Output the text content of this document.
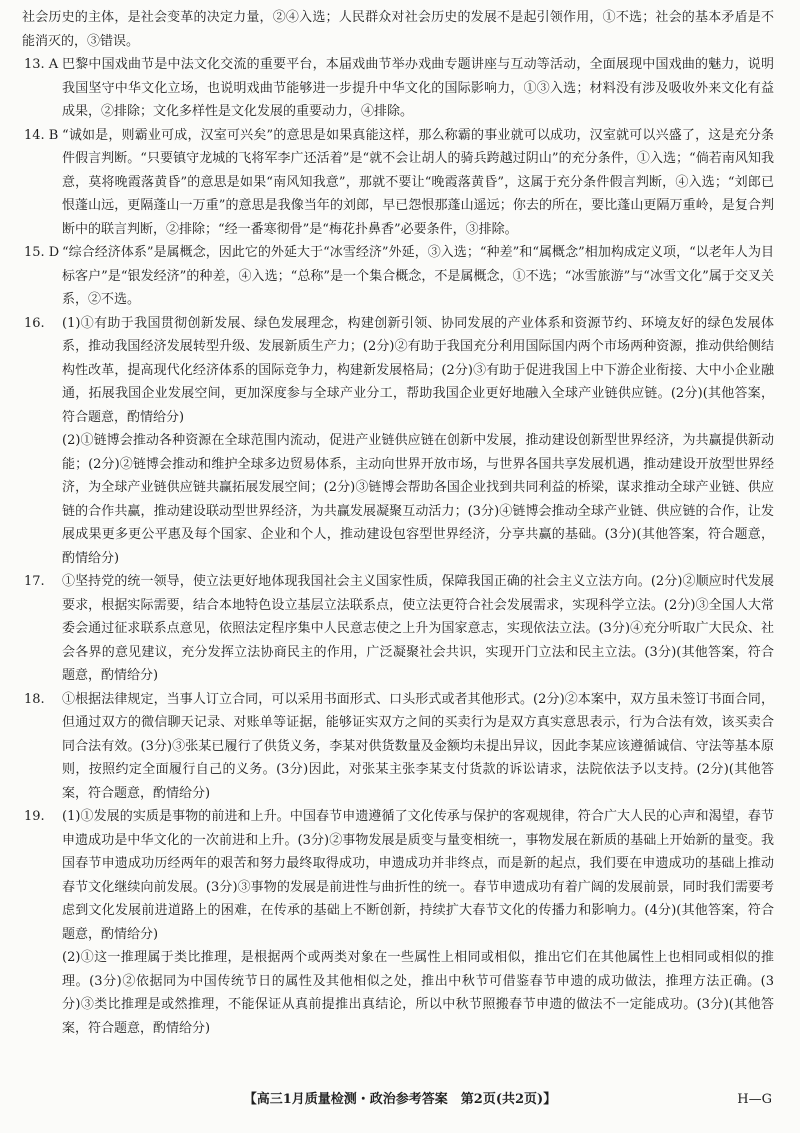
社会历史的主体，是社会变革的决定力量，②④入选；人民群众对社会历史的发展不是起引领作用，①不选；社会的基本矛盾是不能消灭的，③错误。

13. A 巴黎中国戏曲节是中法文化交流的重要平台，本届戏曲节举办戏曲专题讲座与互动等活动，全面展现中国戏曲的魅力，说明我国坚守中华文化立场，也说明戏曲节能够进一步提升中华文化的国际影响力，①③入选；材料没有涉及吸收外来文化有益成果，②排除；文化多样性是文化发展的重要动力，④排除。

14. B “诚如是，则霸业可成，汉室可兴矣”的意思是如果真能这样，那么称霸的事业就可以成功，汉室就可以兴盛了，这是充分条件假言判断。“只要镇守龙城的飞将军李广还活着”是“就不会让胡人的骑兵跨越过阴山”的充分条件，①入选；“倘若南风知我意，莫将晚霞落黄昏”的意思是如果“南风知我意”，那就不要让“晚霞落黄昏”，这属于充分条件假言判断，④入选；“刘郎已恨蓬山远，更隔蓬山一万重”的意思是我像当年的刘郎，早已怨恨那蓬山遥远；你去的所在，要比蓬山更隔万重岭，是复合判断中的联言判断，②排除；“经一番寒彻骨”是“梅花扑鼻香”必要条件，③排除。

15. D “综合经济体系”是属概念，因此它的外延大于“冰雪经济”外延，③入选；“种差”和“属概念”相加构成定义项，“以老年人为目标客户”是“银发经济”的种差，④入选；“总称”是一个集合概念，不是属概念，①不选；“冰雪旅游”与“冰雪文化”属于交叉关系，②不选。

16.	(1)①有助于我国贯彻创新发展、绿色发展理念，构建创新引领、协同发展的产业体系和资源节约、环境友好的绿色发展体系，推动我国经济发展转型升级、发展新质生产力；(2分)②有助于我国充分利用国际国内两个市场两种资源，推动供给侧结构性改革，提高现代化经济体系的国际竞争力，构建新发展格局；(2分)③有助于促进我国上中下游企业衔接、大中小企业融通，拓展我国企业发展空间，更加深度参与全球产业分工，帮助我国企业更好地融入全球产业链供应链。(2分)(其他答案，符合题意，酌情给分)

(2)①链博会推动各种资源在全球范围内流动，促进产业链供应链在创新中发展，推动建设创新型世界经济，为共赢提供新动能；(2分)②链博会推动和维护全球多边贸易体系，主动向世界开放市场，与世界各国共享发展机遇，推动建设开放型世界经济，为全球产业链供应链共赢拓展发展空间；(2分)③链博会帮助各国企业找到共同利益的桥梁，谋求推动全球产业链、供应链的合作共赢，推动建设联动型世界经济，为共赢发展凝聚互动活力；(3分)④链博会推动全球产业链、供应链的合作，让发展成果更多更公平惠及每个国家、企业和个人，推动建设包容型世界经济，分享共赢的基础。(3分)(其他答案，符合题意，酌情给分)

17.	①坚持党的统一领导，使立法更好地体现我国社会主义国家性质，保障我国正确的社会主义立法方向。(2分)②顺应时代发展要求，根据实际需要，结合本地特色设立基层立法联系点，使立法更符合社会发展需求，实现科学立法。(2分)③全国人大常委会通过征求联系点意见，依照法定程序集中人民意志使之上升为国家意志，实现依法立法。(3分)④充分听取广大民众、社会各界的意见建议，充分发挥立法协商民主的作用，广泛凝聚社会共识，实现开门立法和民主立法。(3分)(其他答案，符合题意，酌情给分)

18.	①根据法律规定，当事人订立合同，可以采用书面形式、口头形式或者其他形式。(2分)②本案中，双方虽未签订书面合同，但通过双方的微信聊天记录、对账单等证据，能够证实双方之间的买卖行为是双方真实意思表示，行为合法有效，该买卖合同合法有效。(3分)③张某已履行了供货义务，李某对供货数量及金额均未提出异议，因此李某应该遵循诚信、守法等基本原则，按照约定全面履行自己的义务。(3分)因此，对张某主张李某支付货款的诉讼请求，法院依法予以支持。(2分)(其他答案，符合题意，酌情给分)

19.	(1)①发展的实质是事物的前进和上升。中国春节申遗遵循了文化传承与保护的客观规律，符合广大人民的心声和渴望，春节申遗成功是中华文化的一次前进和上升。(3分)②事物发展是质变与量变相统一，事物发展在新质的基础上开始新的量变。我国春节申遗成功历经两年的艰苦和努力最终取得成功，申遗成功并非终点，而是新的起点，我们要在申遗成功的基础上推动春节文化继续向前发展。(3分)③事物的发展是前进性与曲折性的统一。春节申遗成功有着广阔的发展前景，同时我们需要考虑到文化发展前进道路上的困难，在传承的基础上不断创新，持续扩大春节文化的传播力和影响力。(4分)(其他答案，符合题意，酌情给分)

(2)①这一推理属于类比推理，是根据两个或两类对象在一些属性上相同或相似，推出它们在其他属性上也相同或相似的推理。(3分)②依据同为中国传统节日的属性及其他相似之处，推出中秋节可借鉴春节申遗的成功做法，推理方法正确。(3分)③类比推理是或然推理，不能保证从真前提推出真结论，所以中秋节照搬春节申遗的做法不一定能成功。(3分)(其他答案，符合题意，酌情给分)

【高三1月质量检测・政治参考答案　第2页(共2页)】	H—G
